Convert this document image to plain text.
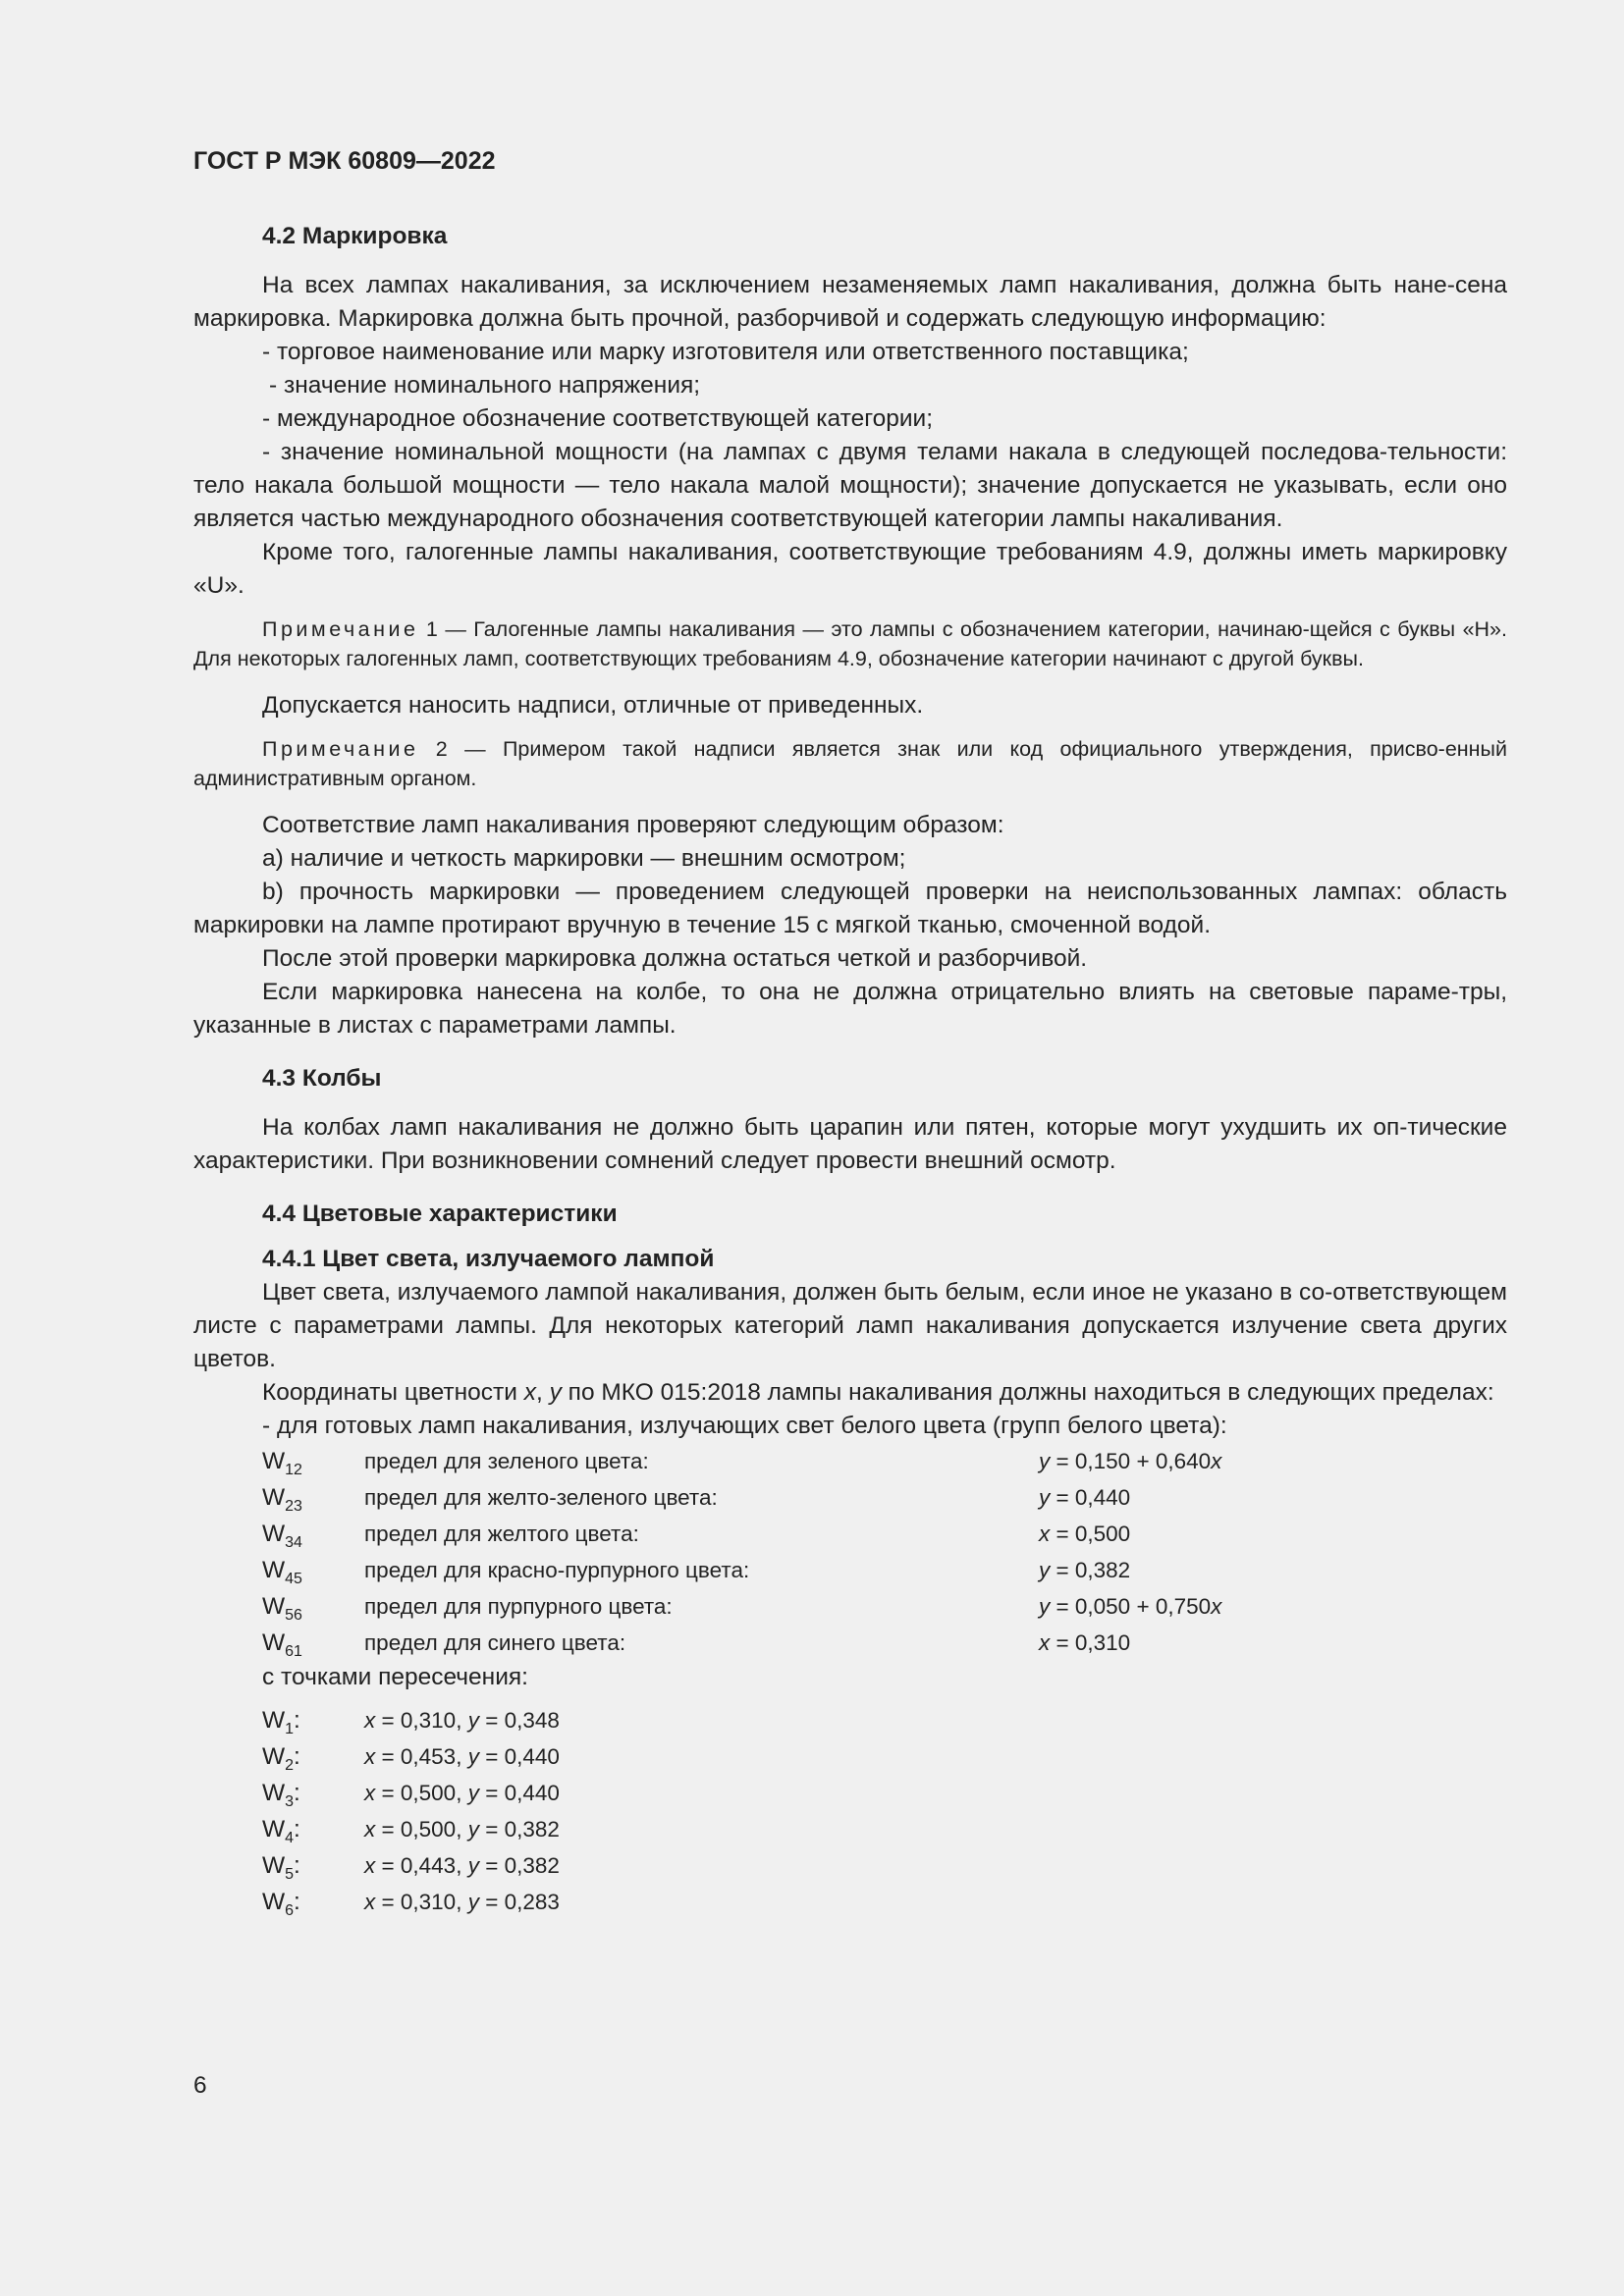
ГОСТ Р МЭК 60809—2022

4.2 Маркировка

На всех лампах накаливания, за исключением незаменяемых ламп накаливания, должна быть нане-сена маркировка. Маркировка должна быть прочной, разборчивой и содержать следующую информацию:

- торговое наименование или марку изготовителя или ответственного поставщика;

- значение номинального напряжения;

- международное обозначение соответствующей категории;

- значение номинальной мощности (на лампах с двумя телами накала в следующей последова-тельности: тело накала большой мощности — тело накала малой мощности); значение допускается не указывать, если оно является частью международного обозначения соответствующей категории лампы накаливания.

Кроме того, галогенные лампы накаливания, соответствующие требованиям 4.9, должны иметь маркировку «U».

Примечание 1 — Галогенные лампы накаливания — это лампы с обозначением категории, начинаю-щейся с буквы «H». Для некоторых галогенных ламп, соответствующих требованиям 4.9, обозначение категории начинают с другой буквы.

Допускается наносить надписи, отличные от приведенных.

Примечание 2 — Примером такой надписи является знак или код официального утверждения, присво-енный административным органом.

Соответствие ламп накаливания проверяют следующим образом:

a) наличие и четкость маркировки — внешним осмотром;

b) прочность маркировки — проведением следующей проверки на неиспользованных лампах: область маркировки на лампе протирают вручную в течение 15 с мягкой тканью, смоченной водой.

После этой проверки маркировка должна остаться четкой и разборчивой.

Если маркировка нанесена на колбе, то она не должна отрицательно влиять на световые параме-тры, указанные в листах с параметрами лампы.

4.3 Колбы

На колбах ламп накаливания не должно быть царапин или пятен, которые могут ухудшить их оп-тические характеристики. При возникновении сомнений следует провести внешний осмотр.

4.4 Цветовые характеристики

4.4.1 Цвет света, излучаемого лампой

Цвет света, излучаемого лампой накаливания, должен быть белым, если иное не указано в со-ответствующем листе с параметрами лампы. Для некоторых категорий ламп накаливания допускается излучение света других цветов.

Координаты цветности x, y по МКО 015:2018 лампы накаливания должны находиться в следующих пределах:

- для готовых ламп накаливания, излучающих свет белого цвета (групп белого цвета):

$W_{12}$	предел для зеленого цвета:	y = 0,150 + 0,640x
$W_{23}$	предел для желто-зеленого цвета:	y = 0,440
$W_{34}$	предел для желтого цвета:	x = 0,500
$W_{45}$	предел для красно-пурпурного цвета:	y = 0,382
$W_{56}$	предел для пурпурного цвета:	y = 0,050 + 0,750x
$W_{61}$	предел для синего цвета:	x = 0,310

с точками пересечения:

$W_1$:	x = 0,310, y = 0,348
$W_2$:	x = 0,453, y = 0,440
$W_3$:	x = 0,500, y = 0,440
$W_4$:	x = 0,500, y = 0,382
$W_5$:	x = 0,443, y = 0,382
$W_6$:	x = 0,310, y = 0,283
6
